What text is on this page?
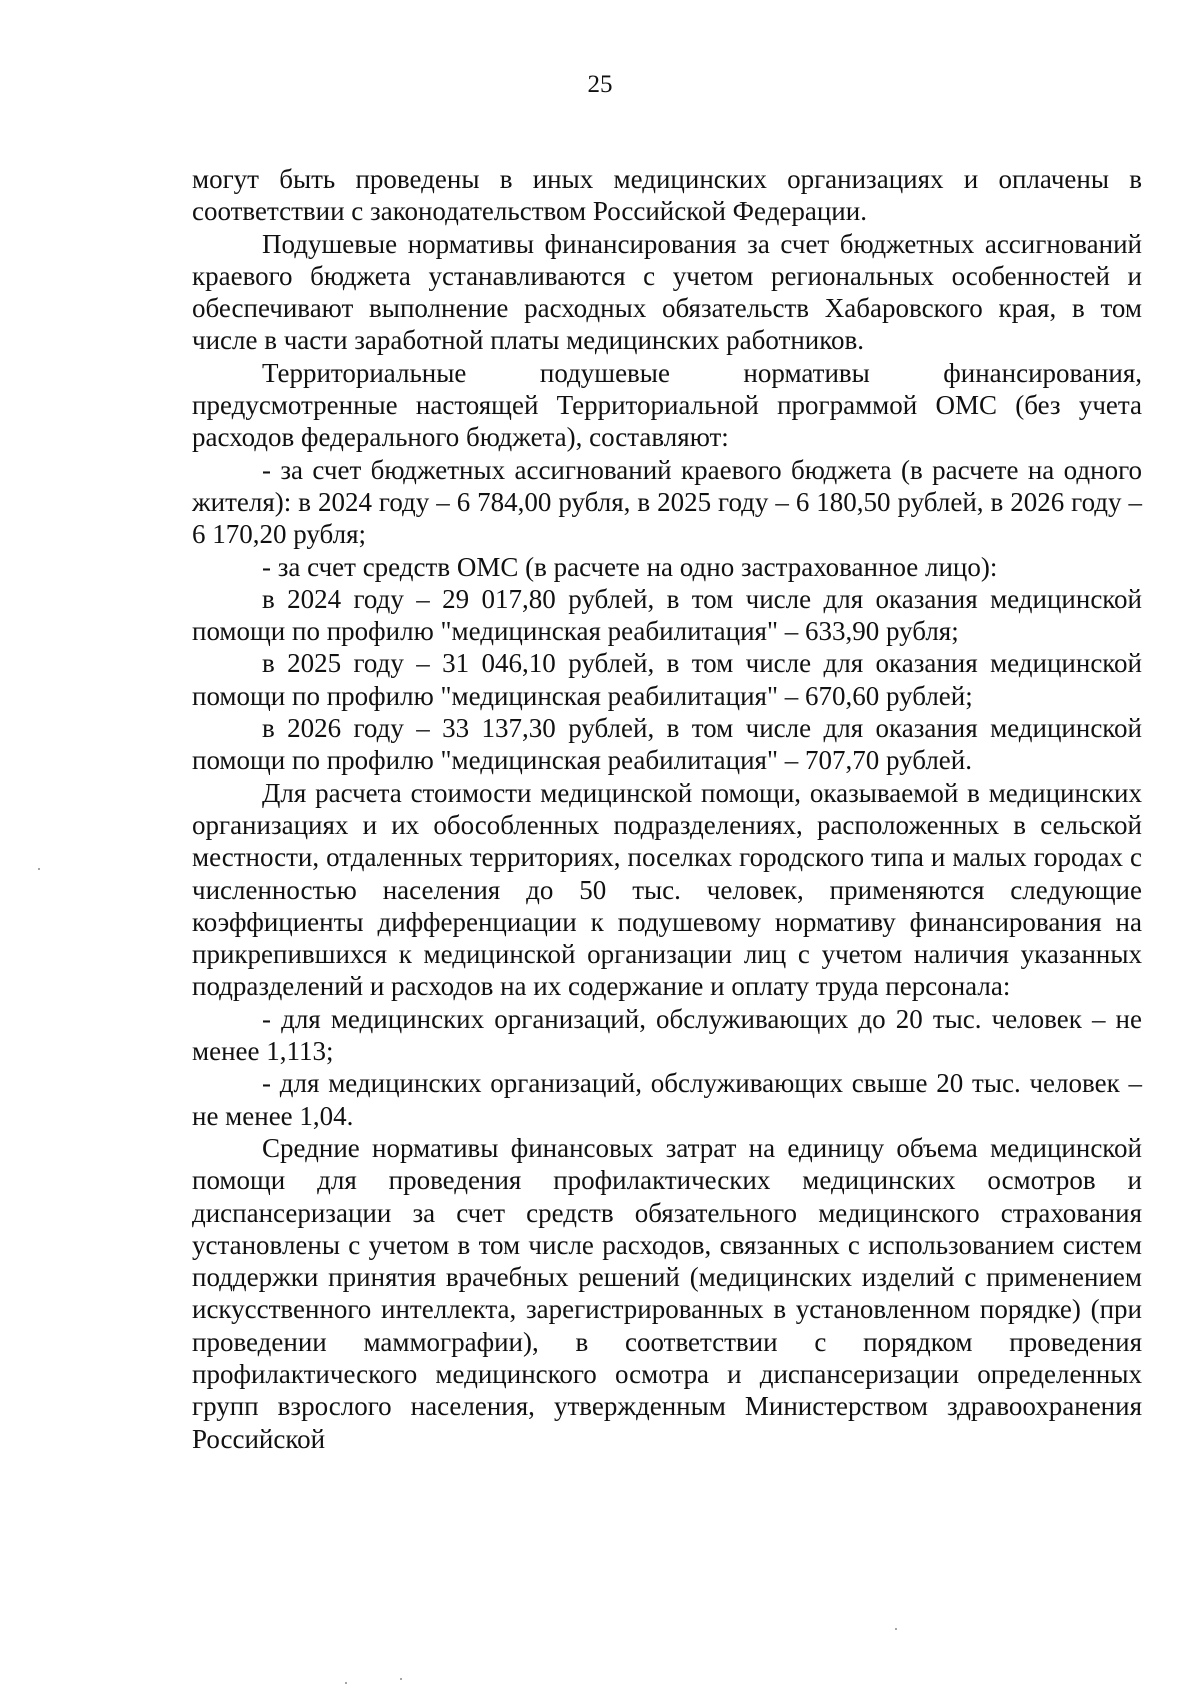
25

могут быть проведены в иных медицинских организациях и оплачены в соответствии с законодательством Российской Федерации.

Подушевые нормативы финансирования за счет бюджетных ассигнований краевого бюджета устанавливаются с учетом региональных особенностей и обеспечивают выполнение расходных обязательств Хабаровского края, в том числе в части заработной платы медицинских работников.

Территориальные подушевые нормативы финансирования, предусмотренные настоящей Территориальной программой ОМС (без учета расходов федерального бюджета), составляют:

- за счет бюджетных ассигнований краевого бюджета (в расчете на одного жителя): в 2024 году – 6 784,00 рубля, в 2025 году – 6 180,50 рублей, в 2026 году – 6 170,20 рубля;

- за счет средств ОМС (в расчете на одно застрахованное лицо):

в 2024 году – 29 017,80 рублей, в том числе для оказания медицинской помощи по профилю "медицинская реабилитация" – 633,90 рубля;

в 2025 году – 31 046,10 рублей, в том числе для оказания медицинской помощи по профилю "медицинская реабилитация" – 670,60 рублей;

в 2026 году – 33 137,30 рублей, в том числе для оказания медицинской помощи по профилю "медицинская реабилитация" – 707,70 рублей.

Для расчета стоимости медицинской помощи, оказываемой в медицинских организациях и их обособленных подразделениях, расположенных в сельской местности, отдаленных территориях, поселках городского типа и малых городах с численностью населения до 50 тыс. человек, применяются следующие коэффициенты дифференциации к подушевому нормативу финансирования на прикрепившихся к медицинской организации лиц с учетом наличия указанных подразделений и расходов на их содержание и оплату труда персонала:

- для медицинских организаций, обслуживающих до 20 тыс. человек – не менее 1,113;

- для медицинских организаций, обслуживающих свыше 20 тыс. человек – не менее 1,04.

Средние нормативы финансовых затрат на единицу объема медицинской помощи для проведения профилактических медицинских осмотров и диспансеризации за счет средств обязательного медицинского страхования установлены с учетом в том числе расходов, связанных с использованием систем поддержки принятия врачебных решений (медицинских изделий с применением искусственного интеллекта, зарегистрированных в установленном порядке) (при проведении маммографии), в соответствии с порядком проведения профилактического медицинского осмотра и диспансеризации определенных групп взрослого населения, утвержденным Министерством здравоохранения Российской
